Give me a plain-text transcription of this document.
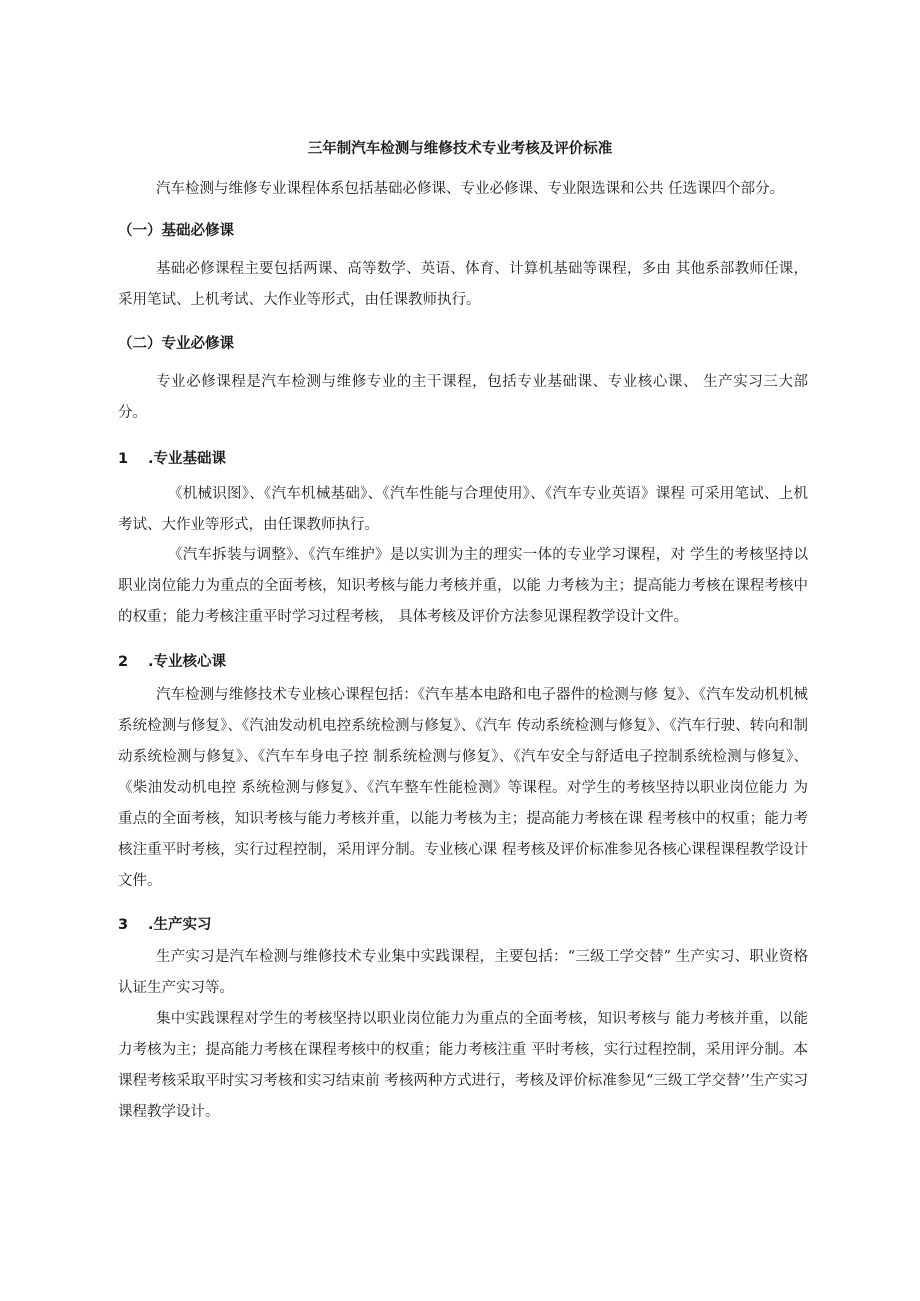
三年制汽车检测与维修技术专业考核及评价标准

汽车检测与维修专业课程体系包括基础必修课、专业必修课、专业限选课和公共 任选课四个部分。

（一）基础必修课

基础必修课程主要包括两课、高等数学、英语、体育、计算机基础等课程，多由 其他系部教师任课，采用笔试、上机考试、大作业等形式，由任课教师执行。

（二）专业必修课

专业必修课程是汽车检测与维修专业的主干课程，包括专业基础课、专业核心课、 生产实习三大部分。

1 .专业基础课

《机械识图》、《汽车机械基础》、《汽车性能与合理使用》、《汽车专业英语》课程 可采用笔试、上机考试、大作业等形式，由任课教师执行。

《汽车拆装与调整》、《汽车维护》是以实训为主的理实一体的专业学习课程，对 学生的考核坚持以职业岗位能力为重点的全面考核，知识考核与能力考核并重，以能 力考核为主；提高能力考核在课程考核中的权重；能力考核注重平时学习过程考核， 具体考核及评价方法参见课程教学设计文件。

2 .专业核心课

汽车检测与维修技术专业核心课程包括：《汽车基本电路和电子器件的检测与修 复》、《汽车发动机机械系统检测与修复》、《汽油发动机电控系统检测与修复》、《汽车 传动系统检测与修复》、《汽车行驶、转向和制动系统检测与修复》、《汽车车身电子控 制系统检测与修复》、《汽车安全与舒适电子控制系统检测与修复》、《柴油发动机电控 系统检测与修复》、《汽车整车性能检测》等课程。对学生的考核坚持以职业岗位能力 为重点的全面考核，知识考核与能力考核并重，以能力考核为主；提高能力考核在课 程考核中的权重；能力考核注重平时考核，实行过程控制，采用评分制。专业核心课 程考核及评价标准参见各核心课程课程教学设计文件。

3 .生产实习

生产实习是汽车检测与维修技术专业集中实践课程，主要包括：“三级工学交替” 生产实习、职业资格认证生产实习等。

集中实践课程对学生的考核坚持以职业岗位能力为重点的全面考核，知识考核与 能力考核并重，以能力考核为主；提高能力考核在课程考核中的权重；能力考核注重 平时考核，实行过程控制，采用评分制。本课程考核采取平时实习考核和实习结束前 考核两种方式进行，考核及评价标准参见“三级工学交替’’生产实习课程教学设计。
